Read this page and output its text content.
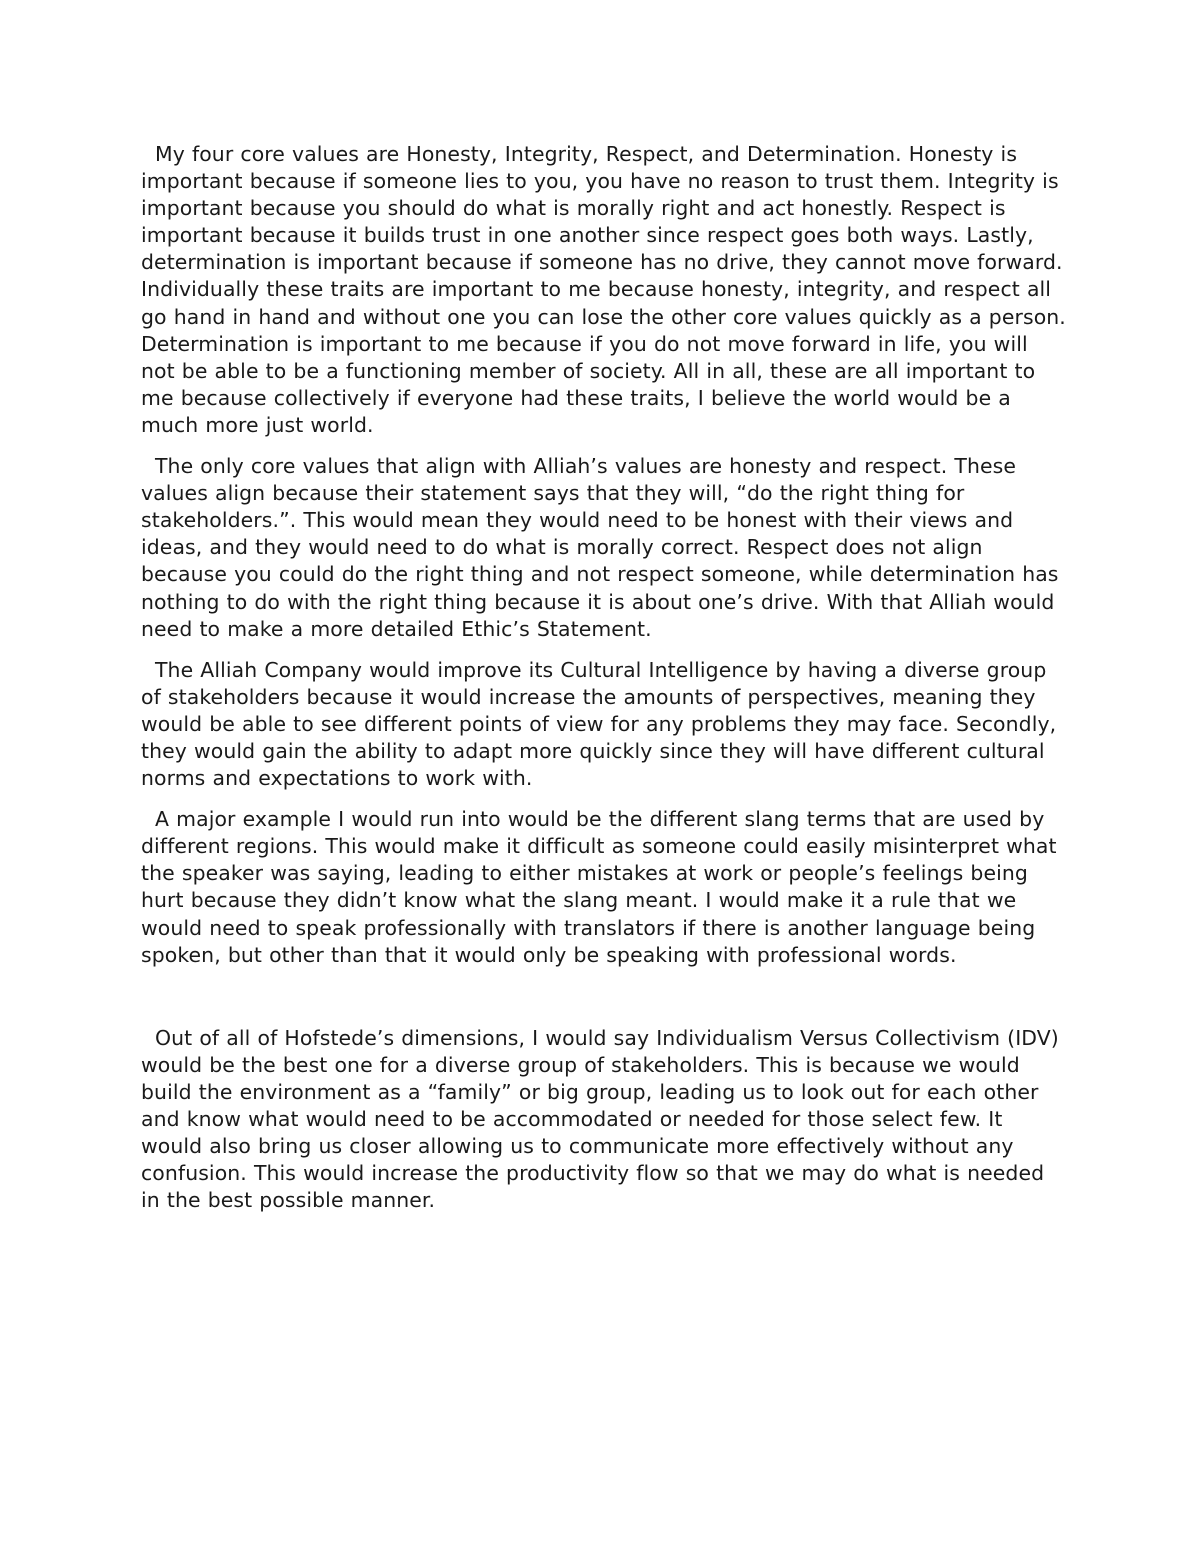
My four core values are Honesty, Integrity, Respect, and Determination. Honesty is important because if someone lies to you, you have no reason to trust them. Integrity is important because you should do what is morally right and act honestly. Respect is important because it builds trust in one another since respect goes both ways. Lastly, determination is important because if someone has no drive, they cannot move forward. Individually these traits are important to me because honesty, integrity, and respect all go hand in hand and without one you can lose the other core values quickly as a person. Determination is important to me because if you do not move forward in life, you will not be able to be a functioning member of society. All in all, these are all important to me because collectively if everyone had these traits, I believe the world would be a much more just world.

The only core values that align with Alliah’s values are honesty and respect. These values align because their statement says that they will, “do the right thing for stakeholders.”. This would mean they would need to be honest with their views and ideas, and they would need to do what is morally correct. Respect does not align because you could do the right thing and not respect someone, while determination has nothing to do with the right thing because it is about one’s drive. With that Alliah would need to make a more detailed Ethic’s Statement.

The Alliah Company would improve its Cultural Intelligence by having a diverse group of stakeholders because it would increase the amounts of perspectives, meaning they would be able to see different points of view for any problems they may face. Secondly, they would gain the ability to adapt more quickly since they will have different cultural norms and expectations to work with.

A major example I would run into would be the different slang terms that are used by different regions. This would make it difficult as someone could easily misinterpret what the speaker was saying, leading to either mistakes at work or people’s feelings being hurt because they didn’t know what the slang meant. I would make it a rule that we would need to speak professionally with translators if there is another language being spoken, but other than that it would only be speaking with professional words.

Out of all of Hofstede’s dimensions, I would say Individualism Versus Collectivism (IDV) would be the best one for a diverse group of stakeholders. This is because we would build the environment as a “family” or big group, leading us to look out for each other and know what would need to be accommodated or needed for those select few. It would also bring us closer allowing us to communicate more effectively without any confusion. This would increase the productivity flow so that we may do what is needed in the best possible manner.
